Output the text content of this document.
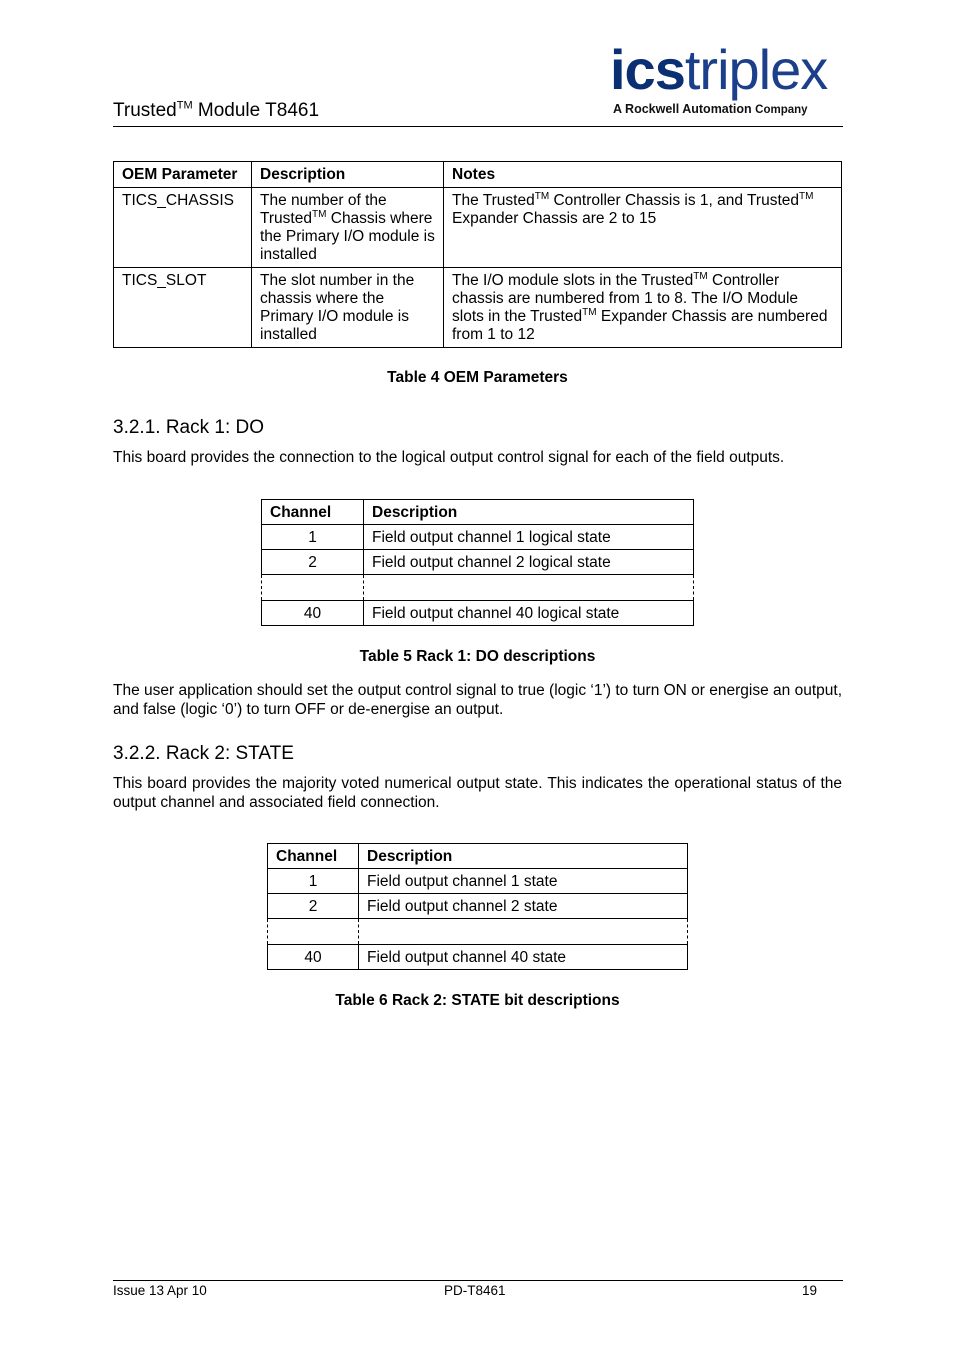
Trusted™ Module T8461
icstriplex
A Rockwell Automation Company
OEM Parameter	Description	Notes
TICS_CHASSIS	The number of the Trusted™ Chassis where the Primary I/O module is installed	The Trusted™ Controller Chassis is 1, and Trusted™ Expander Chassis are 2 to 15
TICS_SLOT	The slot number in the chassis where the Primary I/O module is installed	The I/O module slots in the Trusted™ Controller chassis are numbered from 1 to 8. The I/O Module slots in the Trusted™ Expander Chassis are numbered from 1 to 12
Table 4 OEM Parameters
3.2.1. Rack 1: DO
This board provides the connection to the logical output control signal for each of the field outputs.
Channel	Description
1	Field output channel 1 logical state
2	Field output channel 2 logical state

40	Field output channel 40 logical state
Table 5 Rack 1: DO descriptions
The user application should set the output control signal to true (logic ‘1’) to turn ON or energise an output, and false (logic ‘0’) to turn OFF or de-energise an output.
3.2.2. Rack 2: STATE
This board provides the majority voted numerical output state. This indicates the operational status of the output channel and associated field connection.
Channel	Description
1	Field output channel 1 state
2	Field output channel 2 state

40	Field output channel 40 state
Table 6 Rack 2: STATE bit descriptions
Issue 13 Apr 10	PD-T8461	19
